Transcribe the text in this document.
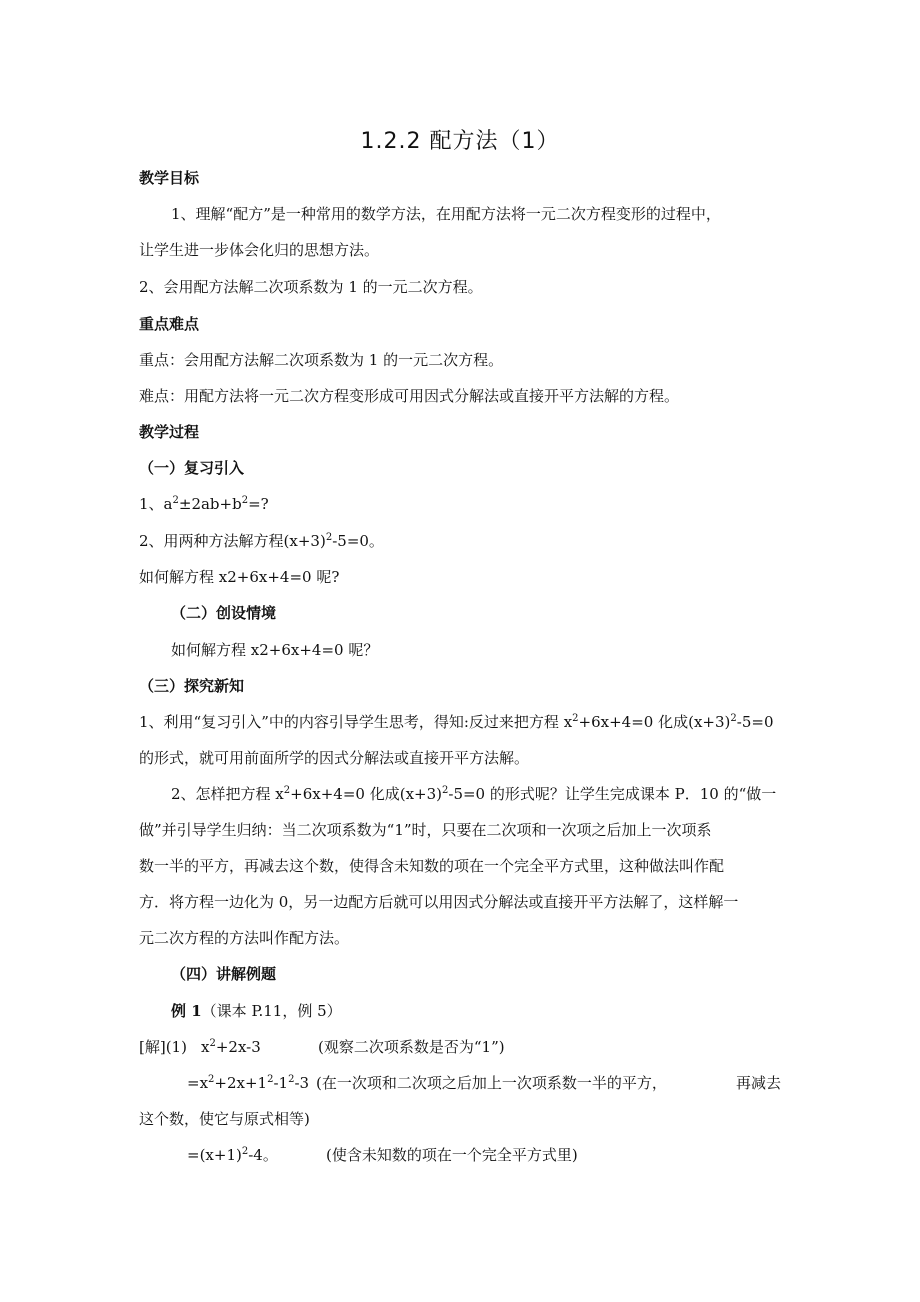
1.2.2 配方法（1）
教学目标
1、理解“配方”是一种常用的数学方法，在用配方法将一元二次方程变形的过程中，
让学生进一步体会化归的思想方法。
2、会用配方法解二次项系数为 1 的一元二次方程。
重点难点
重点：会用配方法解二次项系数为 1 的一元二次方程。
难点：用配方法将一元二次方程变形成可用因式分解法或直接开平方法解的方程。
教学过程
（一）复习引入
1、$a^2\pm 2ab+b^2=$?
2、用两种方法解方程$(x+3)^2-5=0$。
如何解方程 x2+6x+4=0 呢?
（二）创设情境
如何解方程 x2+6x+4=0 呢？
（三）探究新知
1、利用“复习引入”中的内容引导学生思考，得知:反过来把方程 $x^2+6x+4=0$ 化成$(x+3)^2-5=0$
的形式，就可用前面所学的因式分解法或直接开平方法解。
2、怎样把方程 $x^2+6x+4=0$ 化成$(x+3)^2-5=0$ 的形式呢？让学生完成课本 P．10 的“做一
做”并引导学生归纳：当二次项系数为“1”时，只要在二次项和一次项之后加上一次项系
数一半的平方，再减去这个数，使得含未知数的项在一个完全平方式里，这种做法叫作配
方．将方程一边化为 0，另一边配方后就可以用因式分解法或直接开平方法解了，这样解一
元二次方程的方法叫作配方法。
（四）讲解例题
例 1（课本 P.11，例 5）
[解](1) $x^2+2x-3$	(观察二次项系数是否为“1”)
$=x^2+2x+1^2-1^2-3$ (在一次项和二次项之后加上一次项系数一半的平方，	再减去
这个数，使它与原式相等)
$=(x+1)^2-4$。	(使含未知数的项在一个完全平方式里)
